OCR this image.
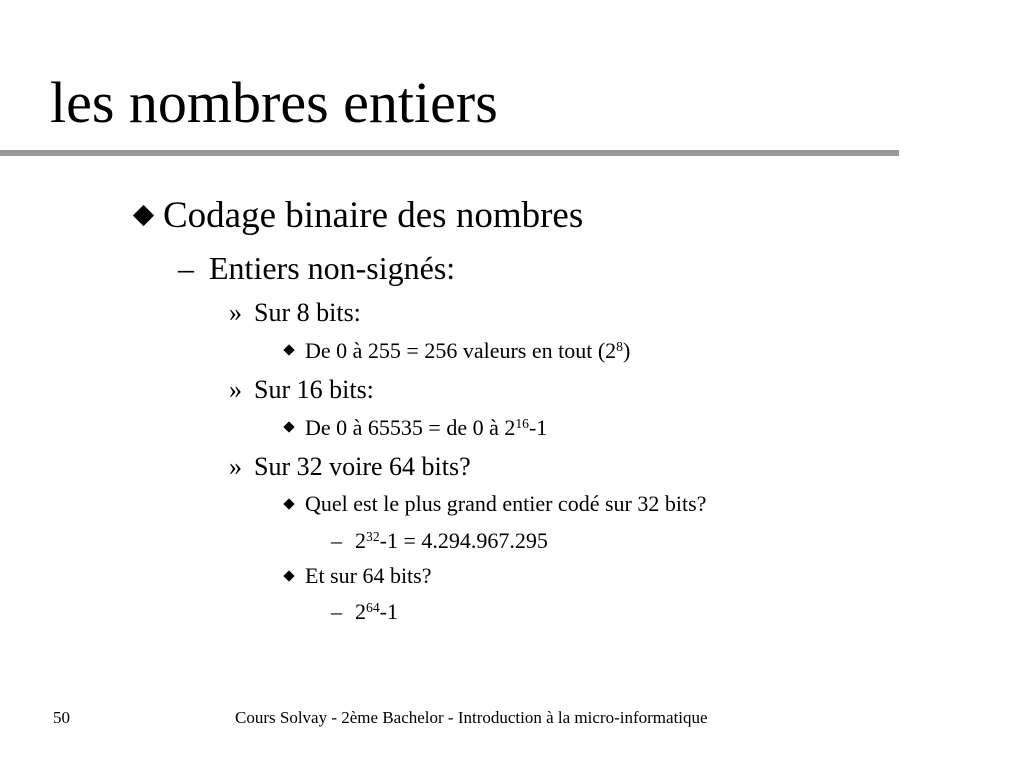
les nombres entiers
Codage binaire des nombres
– Entiers non-signés:
» Sur 8 bits:
De 0 à 255 = 256 valeurs en tout $(2^8)$
» Sur 16 bits:
De 0 à 65535 = de 0 à $2^{16}-1$
» Sur 32 voire 64 bits?
Quel est le plus grand entier codé sur 32 bits?
– $2^{32}-1 = 4.294.967.295$
Et sur 64 bits?
– $2^{64}-1$
50	Cours Solvay - 2ème Bachelor - Introduction à la micro-informatique
